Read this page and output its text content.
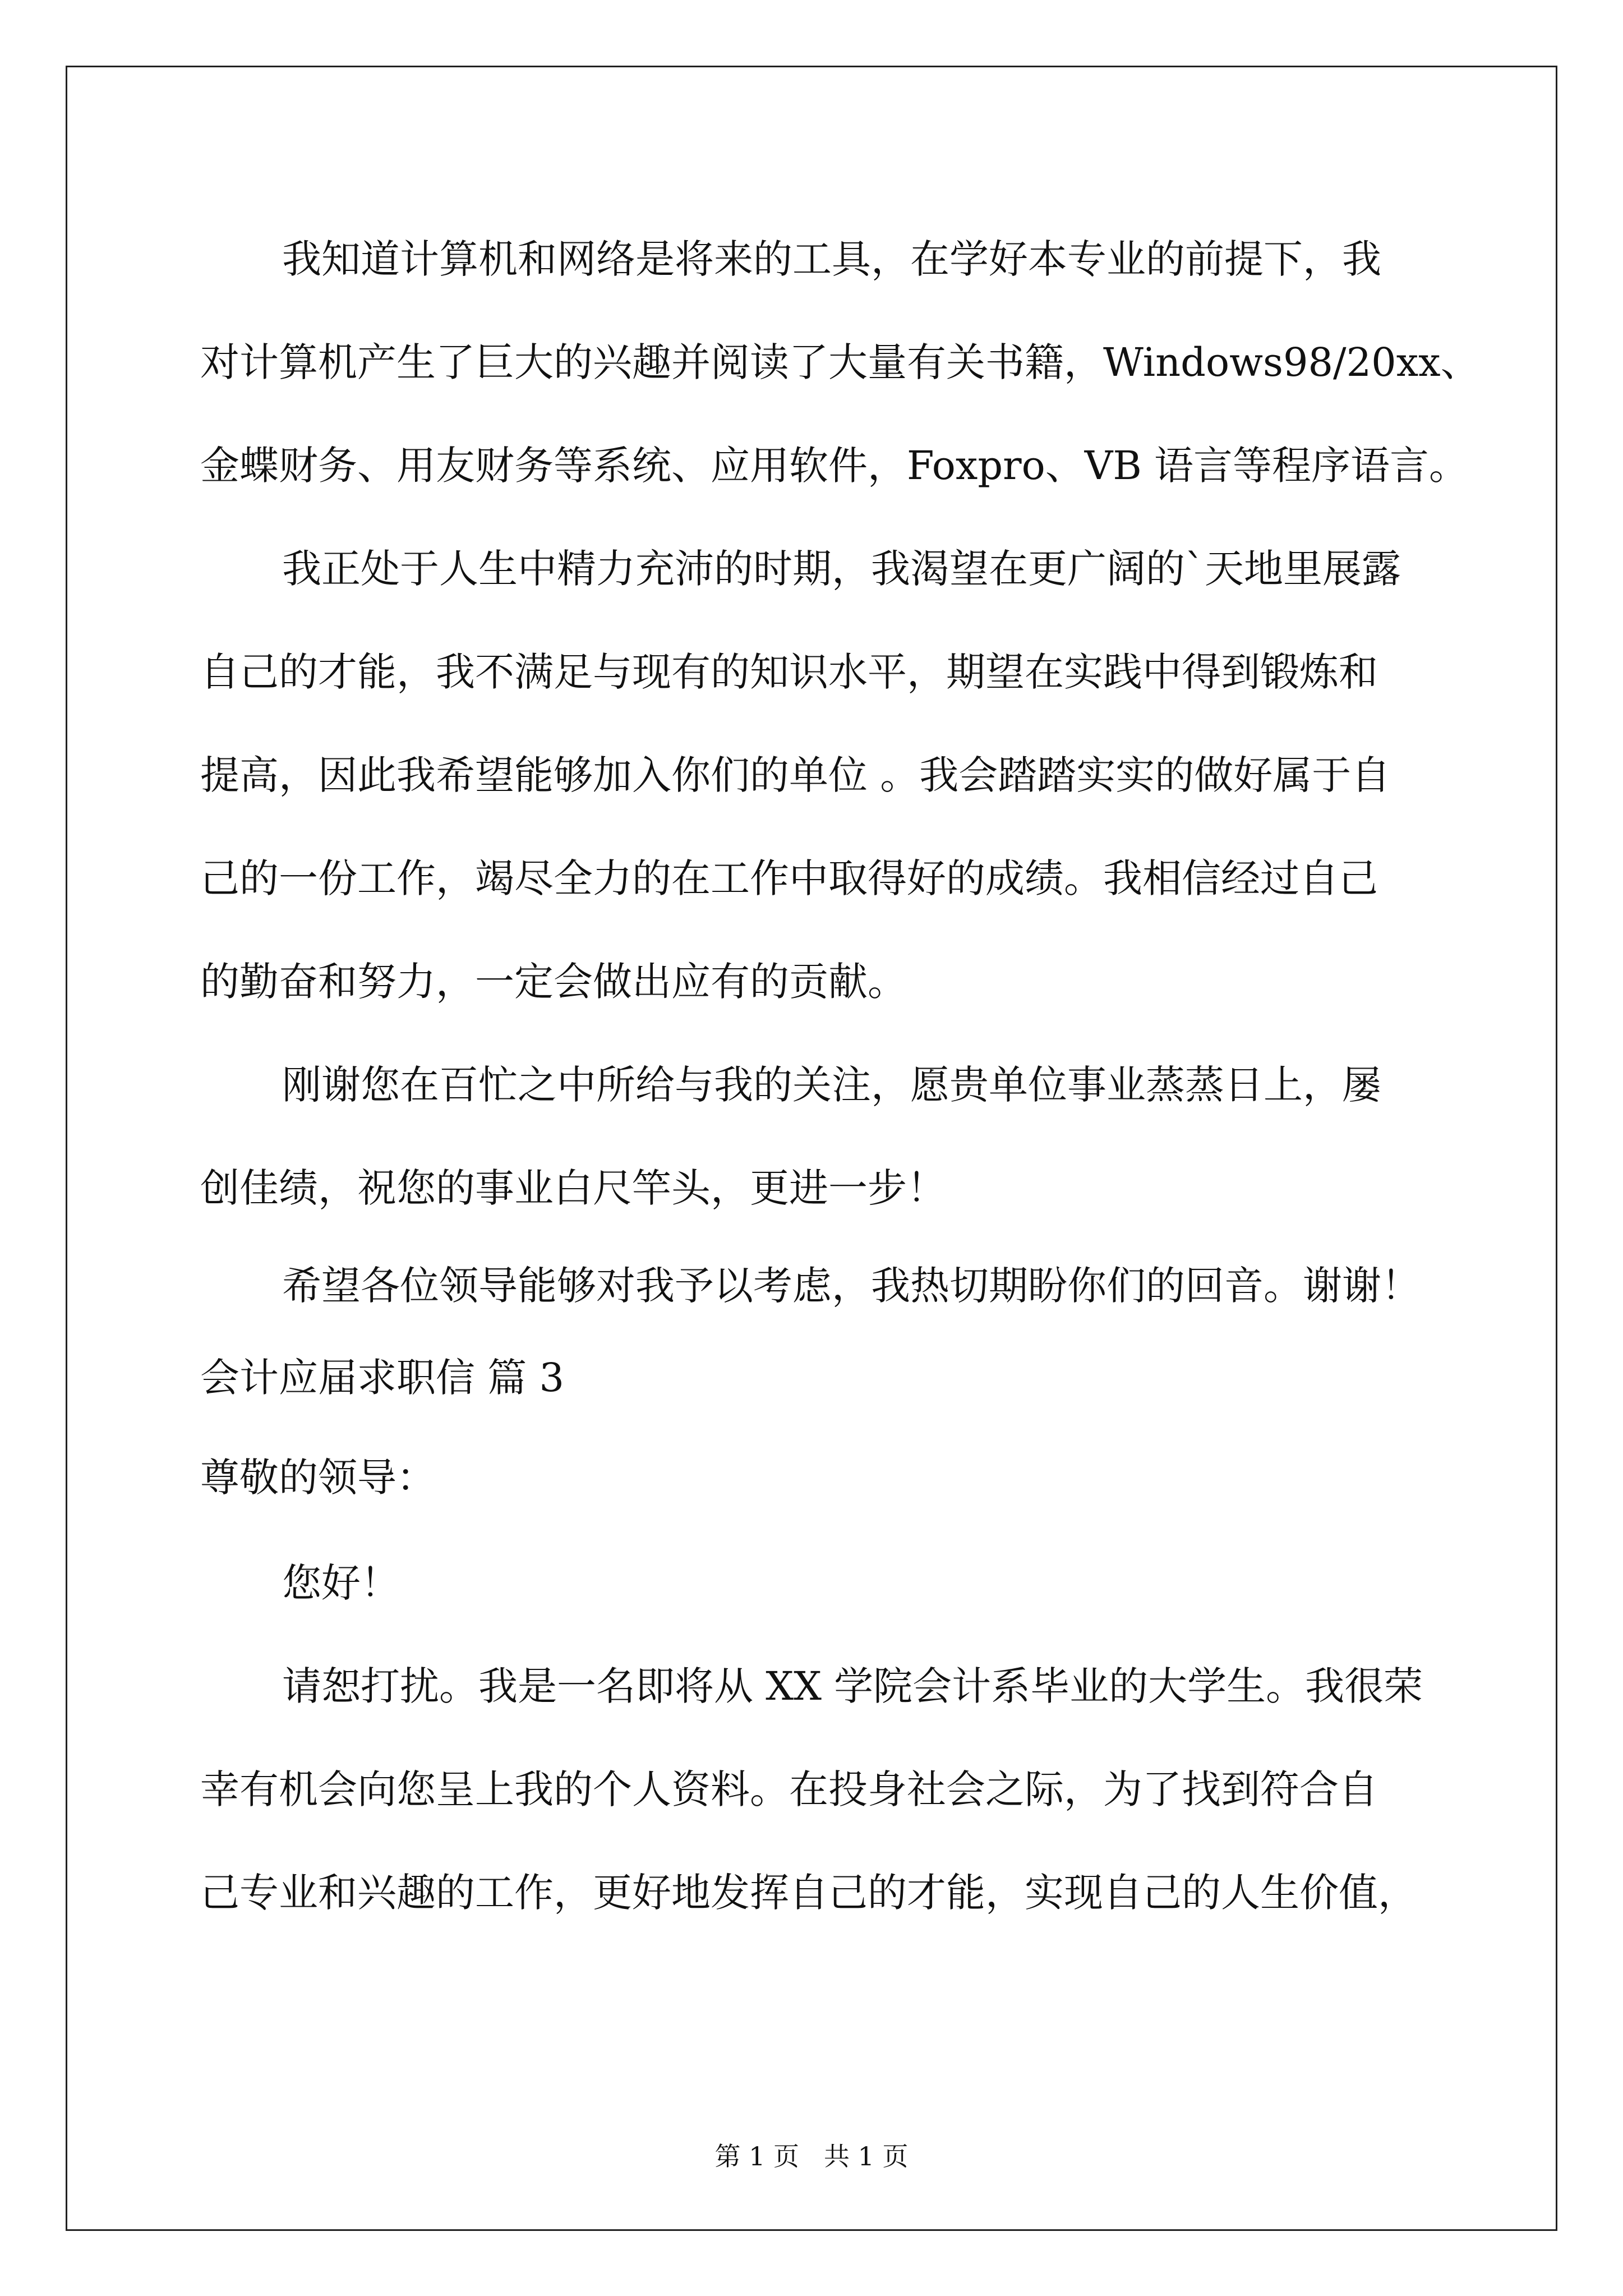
我知道计算机和网络是将来的工具，在学好本专业的前提下，我
对计算机产生了巨大的兴趣并阅读了大量有关书籍，Windows98/20xx、
金蝶财务、用友财务等系统、应用软件，Foxpro、VB 语言等程序语言。
我正处于人生中精力充沛的时期，我渴望在更广阔的`天地里展露
自己的才能，我不满足与现有的知识水平，期望在实践中得到锻炼和
提高，因此我希望能够加入你们的单位 。我会踏踏实实的做好属于自
己的一份工作，竭尽全力的在工作中取得好的成绩。我相信经过自己
的勤奋和努力，一定会做出应有的贡献。
刚谢您在百忙之中所给与我的关注，愿贵单位事业蒸蒸日上，屡
创佳绩，祝您的事业白尺竿头，更进一步！
希望各位领导能够对我予以考虑，我热切期盼你们的回音。谢谢！
会计应届求职信 篇 3
尊敬的领导：
您好！
请恕打扰。我是一名即将从 XX 学院会计系毕业的大学生。我很荣
幸有机会向您呈上我的个人资料。在投身社会之际，为了找到符合自
己专业和兴趣的工作，更好地发挥自己的才能，实现自己的人生价值，
第 1 页 共 1 页
